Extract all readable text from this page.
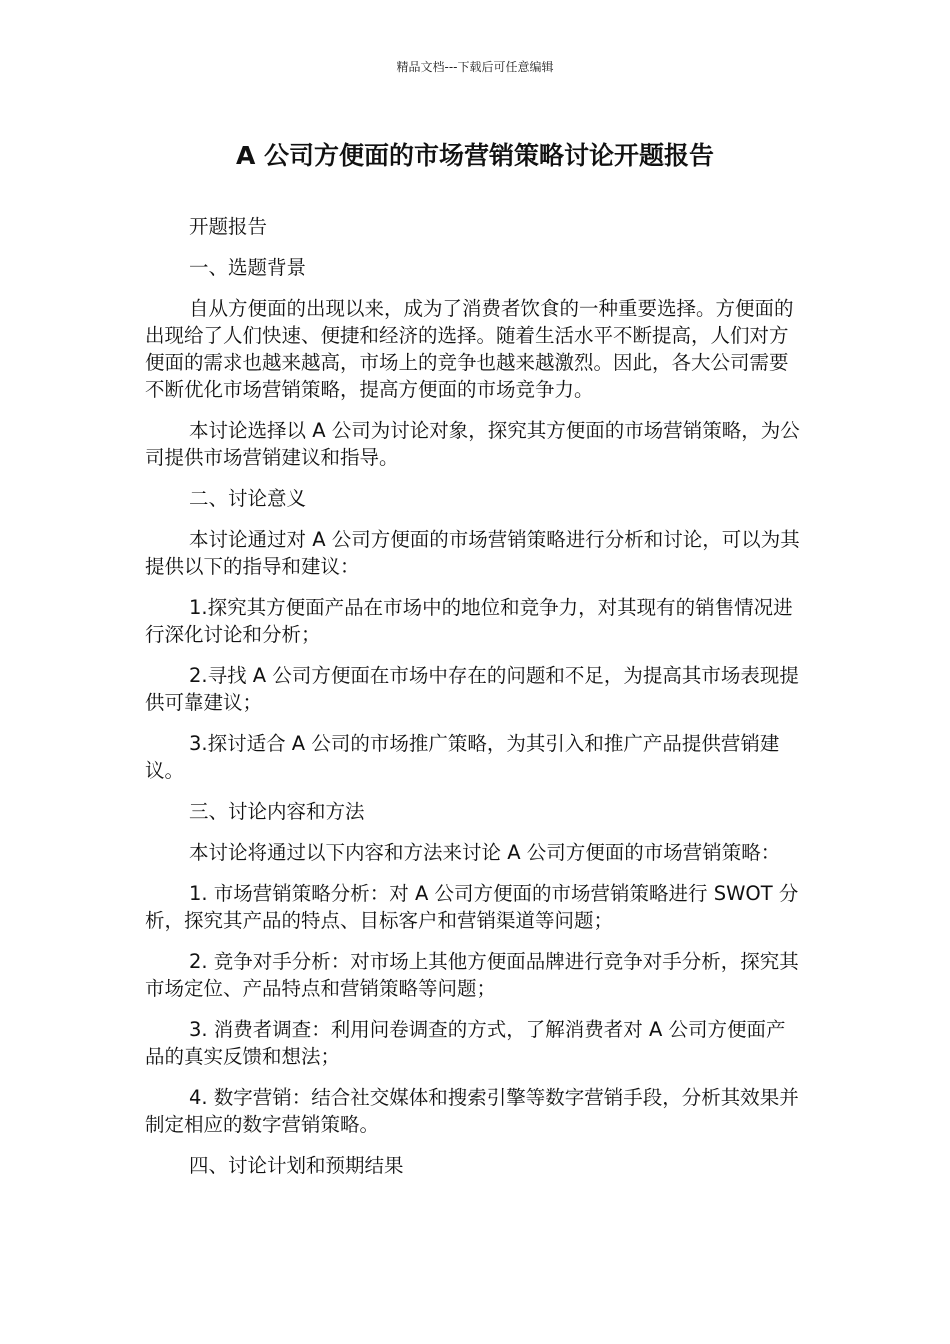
精品文档---下载后可任意编辑
A 公司方便面的市场营销策略讨论开题报告

开题报告

一、选题背景

自从方便面的出现以来，成为了消费者饮食的一种重要选择。方便面的出现给了人们快速、便捷和经济的选择。随着生活水平不断提高，人们对方便面的需求也越来越高，市场上的竞争也越来越激烈。因此，各大公司需要不断优化市场营销策略，提高方便面的市场竞争力。

本讨论选择以 A 公司为讨论对象，探究其方便面的市场营销策略，为公司提供市场营销建议和指导。

二、讨论意义

本讨论通过对 A 公司方便面的市场营销策略进行分析和讨论，可以为其提供以下的指导和建议：

1.探究其方便面产品在市场中的地位和竞争力，对其现有的销售情况进行深化讨论和分析；

2.寻找 A 公司方便面在市场中存在的问题和不足，为提高其市场表现提供可靠建议；

3.探讨适合 A 公司的市场推广策略，为其引入和推广产品提供营销建议。

三、讨论内容和方法

本讨论将通过以下内容和方法来讨论 A 公司方便面的市场营销策略：

1. 市场营销策略分析：对 A 公司方便面的市场营销策略进行 SWOT 分析，探究其产品的特点、目标客户和营销渠道等问题；

2. 竞争对手分析：对市场上其他方便面品牌进行竞争对手分析，探究其市场定位、产品特点和营销策略等问题；

3. 消费者调查：利用问卷调查的方式，了解消费者对 A 公司方便面产品的真实反馈和想法；

4. 数字营销：结合社交媒体和搜索引擎等数字营销手段，分析其效果并制定相应的数字营销策略。

四、讨论计划和预期结果
